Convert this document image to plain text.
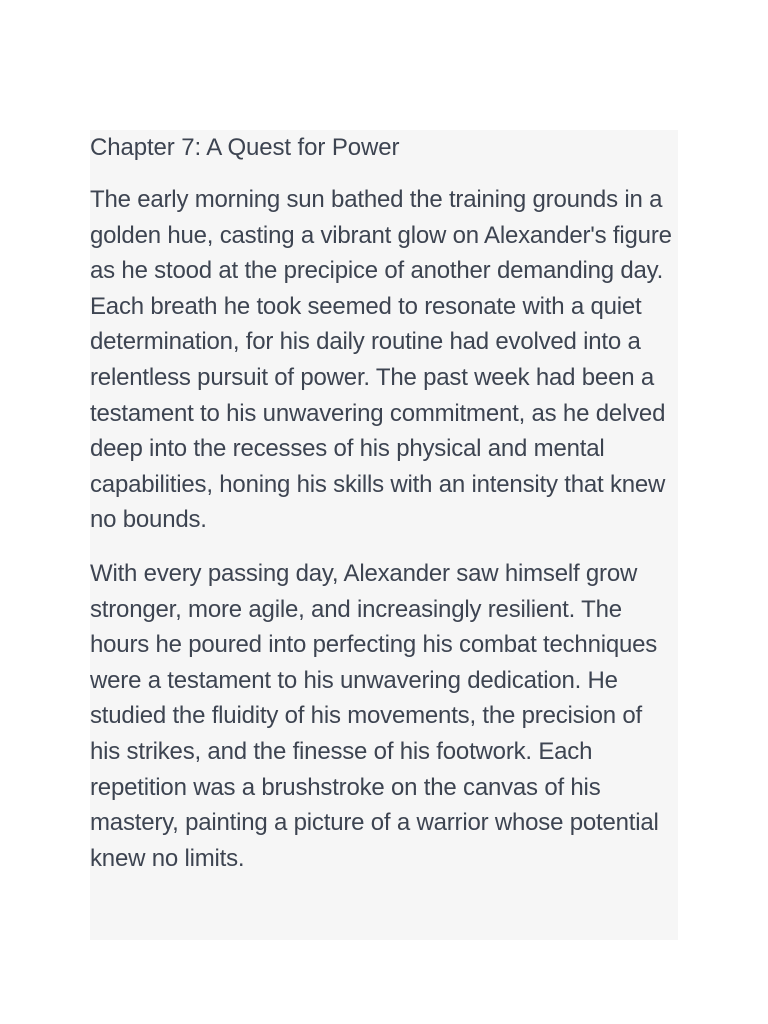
Chapter 7: A Quest for Power

The early morning sun bathed the training grounds in a golden hue, casting a vibrant glow on Alexander's figure as he stood at the precipice of another demanding day. Each breath he took seemed to resonate with a quiet determination, for his daily routine had evolved into a relentless pursuit of power. The past week had been a testament to his unwavering commitment, as he delved deep into the recesses of his physical and mental capabilities, honing his skills with an intensity that knew no bounds.

With every passing day, Alexander saw himself grow stronger, more agile, and increasingly resilient. The hours he poured into perfecting his combat techniques were a testament to his unwavering dedication. He studied the fluidity of his movements, the precision of his strikes, and the finesse of his footwork. Each repetition was a brushstroke on the canvas of his mastery, painting a picture of a warrior whose potential knew no limits.
